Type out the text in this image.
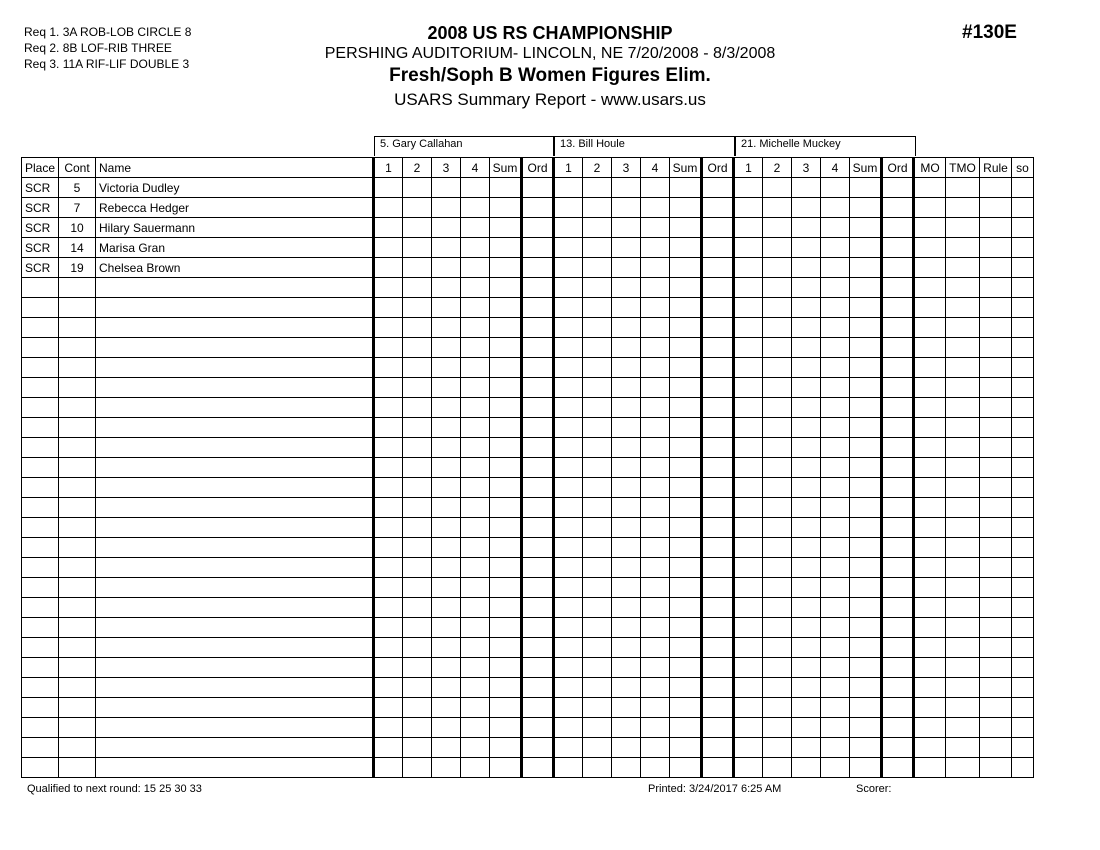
Req 1. 3A ROB-LOB CIRCLE 8
Req 2. 8B LOF-RIB THREE
Req 3. 11A RIF-LIF DOUBLE 3
2008 US RS CHAMPIONSHIP
PERSHING AUDITORIUM- LINCOLN, NE 7/20/2008 - 8/3/2008
Fresh/Soph B Women Figures Elim.
USARS Summary Report - www.usars.us
#130E
5. Gary Callahan	13. Bill Houle	21. Michelle Muckey
Place	Cont	Name	1	2	3	4	Sum	Ord	1	2	3	4	Sum	Ord	1	2	3	4	Sum	Ord	MO	TMO	Rule	so
SCR	5	Victoria Dudley																						
SCR	7	Rebecca Hedger																						
SCR	10	Hilary Sauermann																						
SCR	14	Marisa Gran																						
SCR	19	Chelsea Brown																						

Qualified to next round: 15 25 30 33	Printed: 3/24/2017 6:25 AM	Scorer:
